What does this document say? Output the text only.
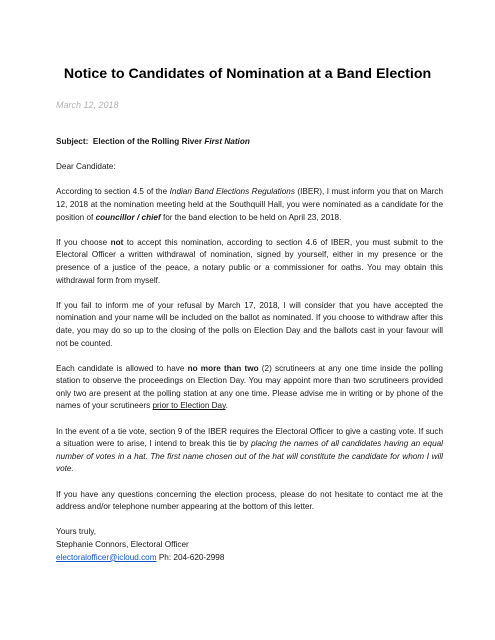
Notice to Candidates of Nomination at a Band Election
March 12, 2018

Subject: Election of the Rolling River First Nation

Dear Candidate:

According to section 4.5 of the Indian Band Elections Regulations (IBER), I must inform you that on March 12, 2018 at the nomination meeting held at the Southquill Hall, you were nominated as a candidate for the position of councillor / chief for the band election to be held on April 23, 2018.

If you choose not to accept this nomination, according to section 4.6 of IBER, you must submit to the Electoral Officer a written withdrawal of nomination, signed by yourself, either in my presence or the presence of a justice of the peace, a notary public or a commissioner for oaths. You may obtain this withdrawal form from myself.

If you fail to inform me of your refusal by March 17, 2018, I will consider that you have accepted the nomination and your name will be included on the ballot as nominated. If you choose to withdraw after this date, you may do so up to the closing of the polls on Election Day and the ballots cast in your favour will not be counted.

Each candidate is allowed to have no more than two (2) scrutineers at any one time inside the polling station to observe the proceedings on Election Day. You may appoint more than two scrutineers provided only two are present at the polling station at any one time. Please advise me in writing or by phone of the names of your scrutineers prior to Election Day.

In the event of a tie vote, section 9 of the IBER requires the Electoral Officer to give a casting vote. If such a situation were to arise, I intend to break this tie by placing the names of all candidates having an equal number of votes in a hat. The first name chosen out of the hat will constitute the candidate for whom I will vote.

If you have any questions concerning the election process, please do not hesitate to contact me at the address and/or telephone number appearing at the bottom of this letter.

Yours truly,

Stephanie Connors, Electoral Officer

electoralofficer@icloud.com Ph: 204-620-2998
